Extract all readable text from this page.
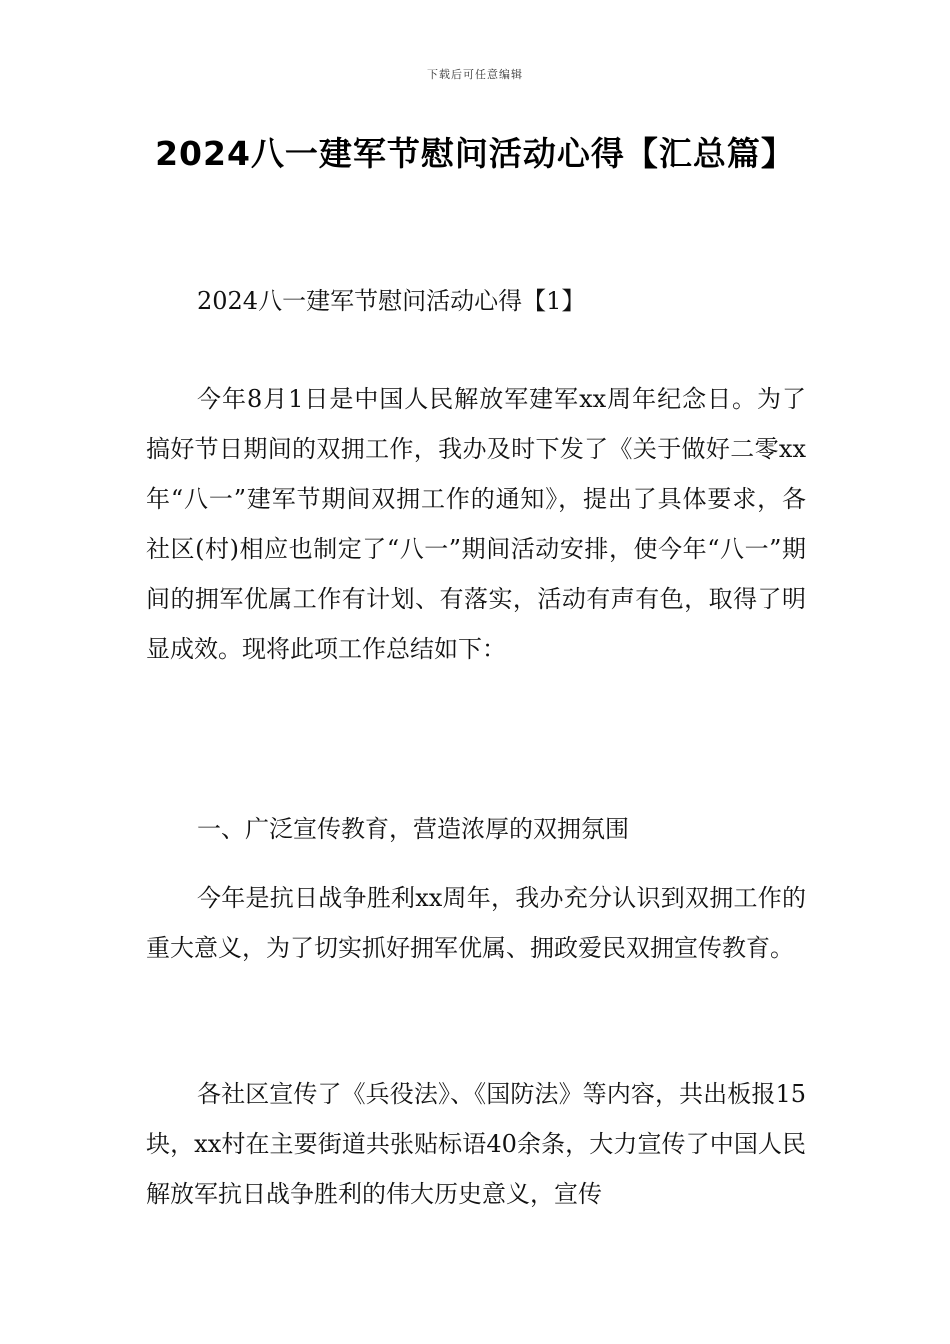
下载后可任意编辑
2024八一建军节慰问活动心得【汇总篇】

2024八一建军节慰问活动心得【1】

今年8月1日是中国人民解放军建军xx周年纪念日。为了搞好节日期间的双拥工作，我办及时下发了《关于做好二零xx年“八一”建军节期间双拥工作的通知》，提出了具体要求，各社区(村)相应也制定了“八一”期间活动安排，使今年“八一”期间的拥军优属工作有计划、有落实，活动有声有色，取得了明显成效。现将此项工作总结如下：

一、广泛宣传教育，营造浓厚的双拥氛围

今年是抗日战争胜利xx周年，我办充分认识到双拥工作的重大意义，为了切实抓好拥军优属、拥政爱民双拥宣传教育。

各社区宣传了《兵役法》、《国防法》等内容，共出板报15块，xx村在主要街道共张贴标语40余条，大力宣传了中国人民解放军抗日战争胜利的伟大历史意义，宣传
